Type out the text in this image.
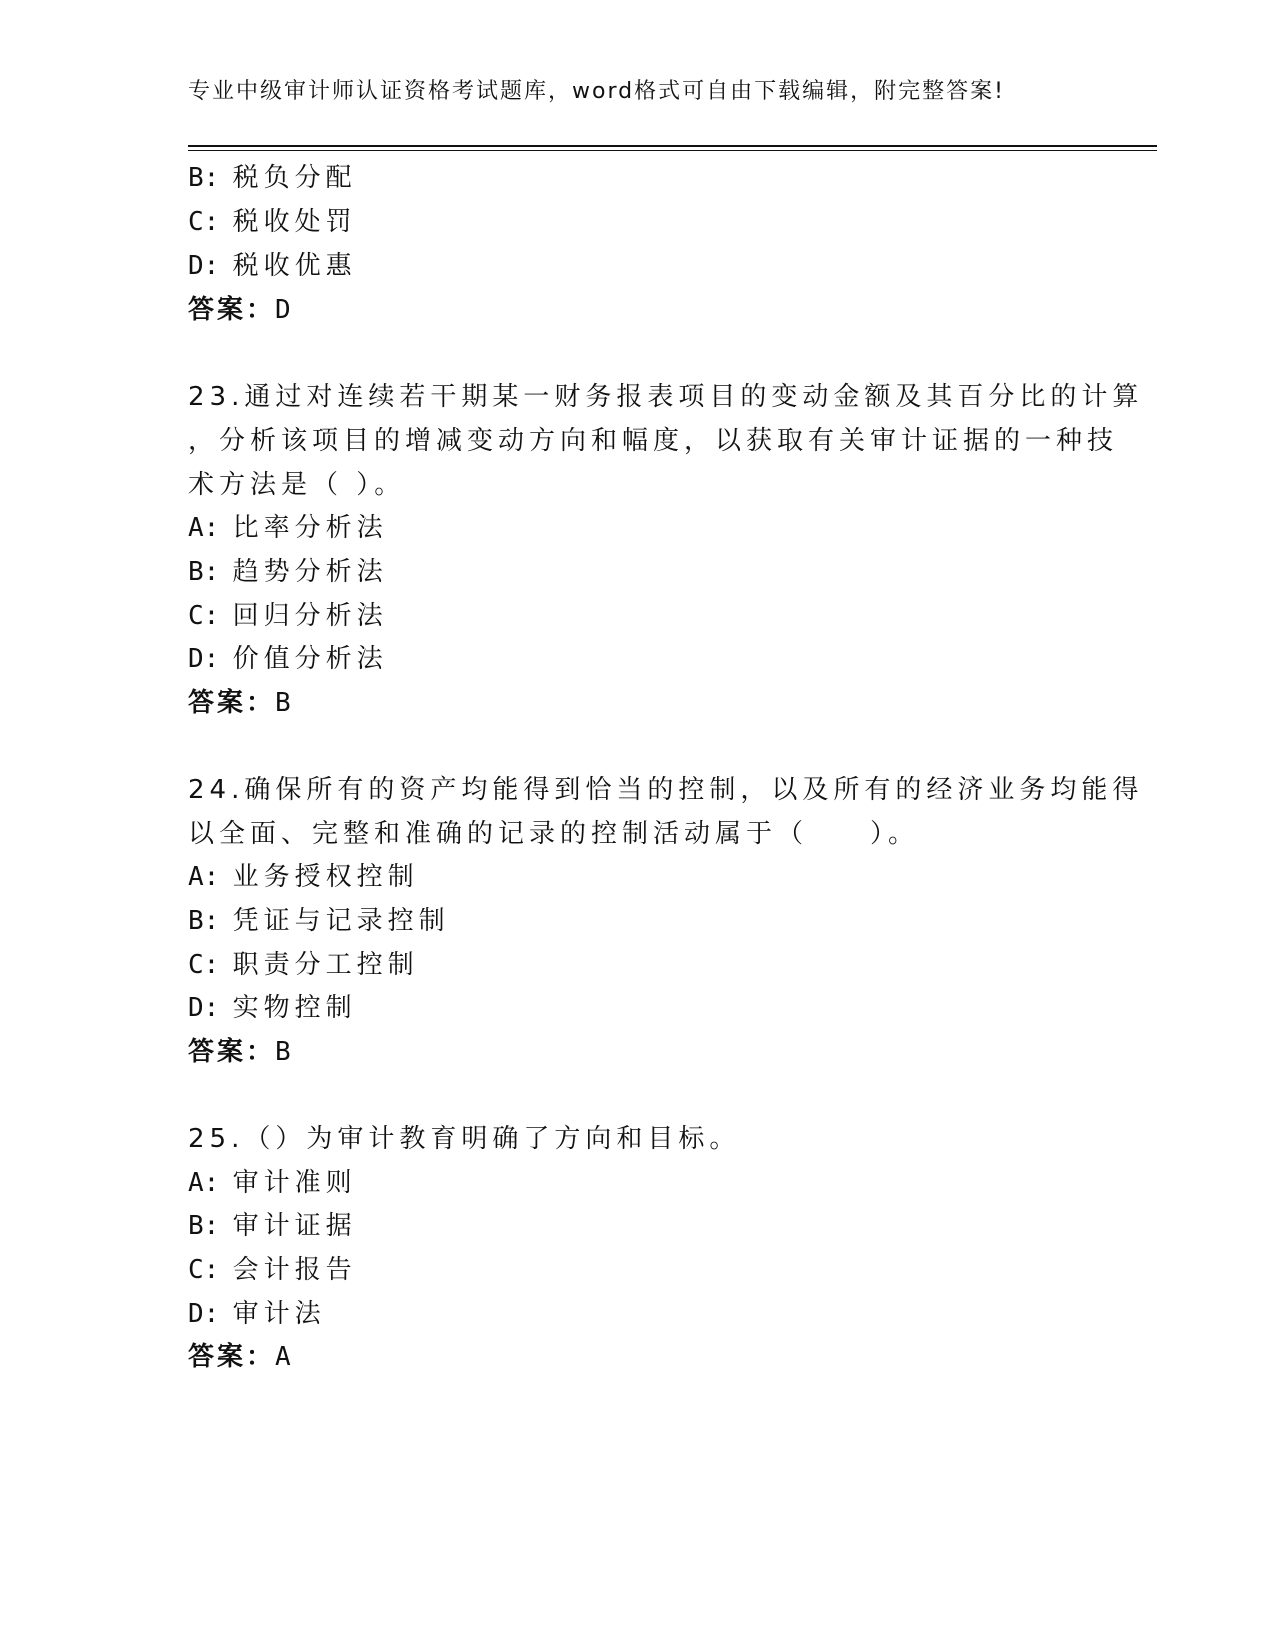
专业中级审计师认证资格考试题库，word格式可自由下载编辑，附完整答案!
B: 税负分配
C: 税收处罚
D: 税收优惠
答案：D
23.通过对连续若干期某一财务报表项目的变动金额及其百分比的计算
，分析该项目的增减变动方向和幅度，以获取有关审计证据的一种技
术方法是（ ）。
A: 比率分析法
B: 趋势分析法
C: 回归分析法
D: 价值分析法
答案：B
24.确保所有的资产均能得到恰当的控制，以及所有的经济业务均能得
以全面、完整和准确的记录的控制活动属于（　　）。
A: 业务授权控制
B: 凭证与记录控制
C: 职责分工控制
D: 实物控制
答案：B
25.（）为审计教育明确了方向和目标。
A: 审计准则
B: 审计证据
C: 会计报告
D: 审计法
答案：A
